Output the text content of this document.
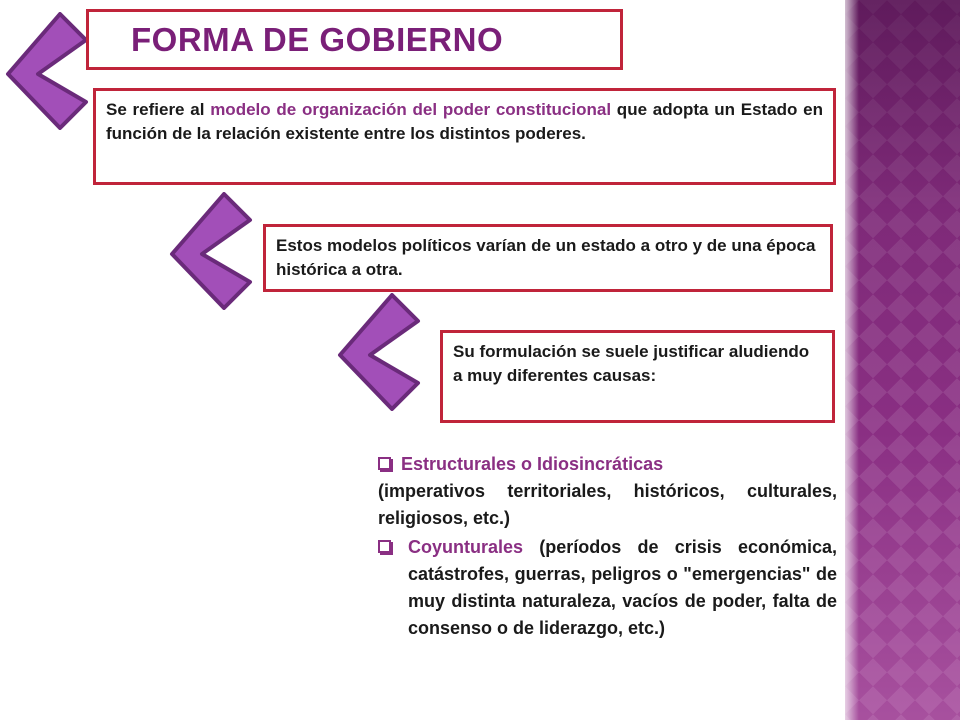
FORMA DE GOBIERNO
Se refiere al modelo de organización del poder constitucional que adopta un Estado en función de la relación existente entre los distintos poderes.
Estos modelos políticos varían de un estado a otro y de una época histórica a otra.
Su formulación se suele justificar aludiendo a muy diferentes causas:
Estructurales o Idiosincráticas
(imperativos territoriales, históricos, culturales, religiosos, etc.)
Coyunturales (períodos de crisis económica, catástrofes, guerras, peligros o "emergencias" de muy distinta naturaleza, vacíos de poder, falta de consenso o de liderazgo, etc.)
